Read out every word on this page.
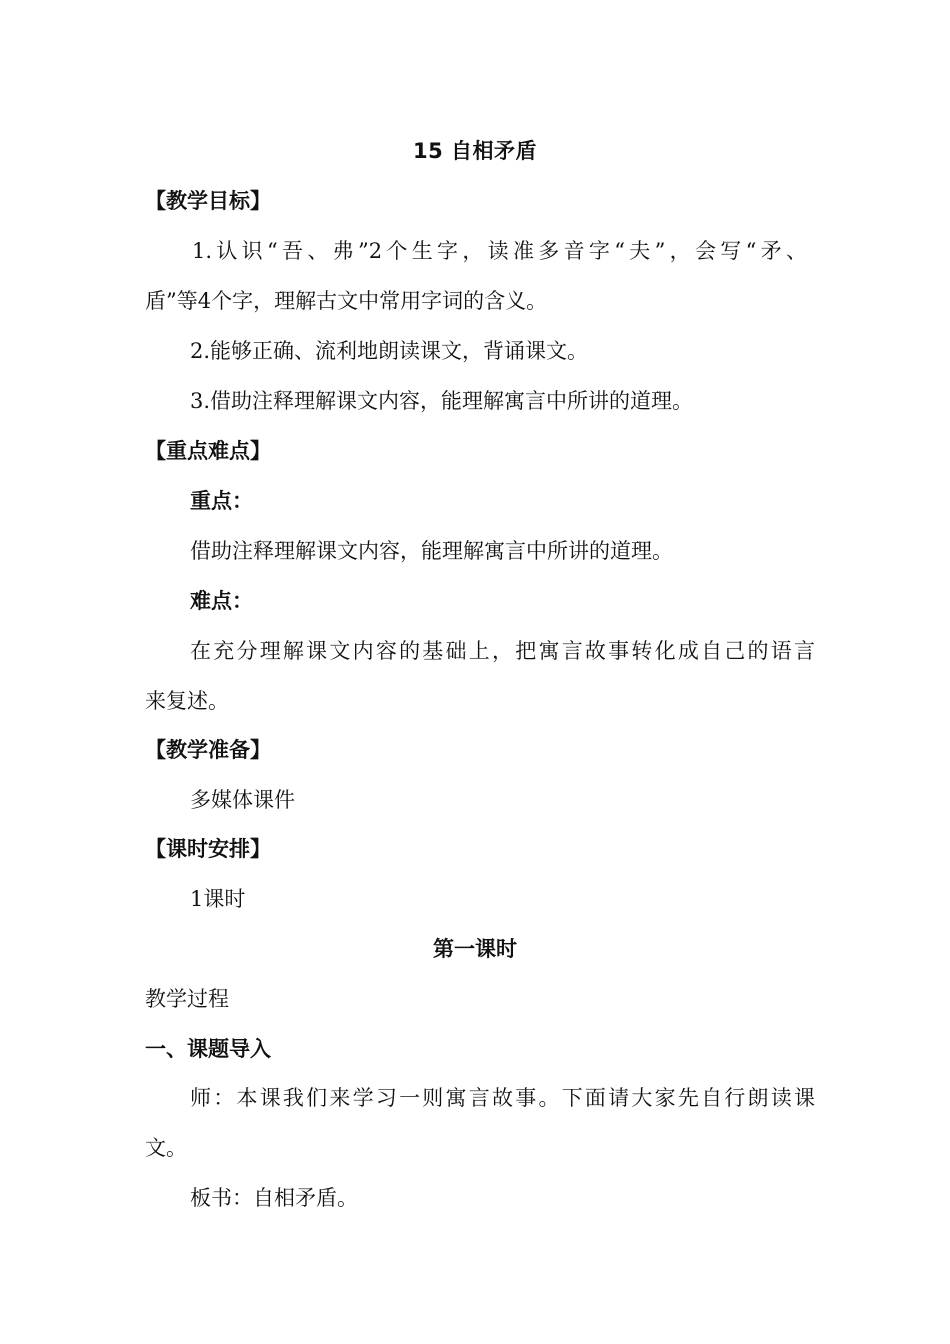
15 自相矛盾
【教学目标】
1.认识“吾、弗”2个生字，读准多音字“夫”，会写“矛、
盾”等4个字，理解古文中常用字词的含义。
2.能够正确、流利地朗读课文，背诵课文。
3.借助注释理解课文内容，能理解寓言中所讲的道理。
【重点难点】
重点：
借助注释理解课文内容，能理解寓言中所讲的道理。
难点：
在充分理解课文内容的基础上，把寓言故事转化成自己的语言
来复述。
【教学准备】
多媒体课件
【课时安排】
1课时
第一课时
教学过程
一、课题导入
师：本课我们来学习一则寓言故事。下面请大家先自行朗读课
文。
板书：自相矛盾。
